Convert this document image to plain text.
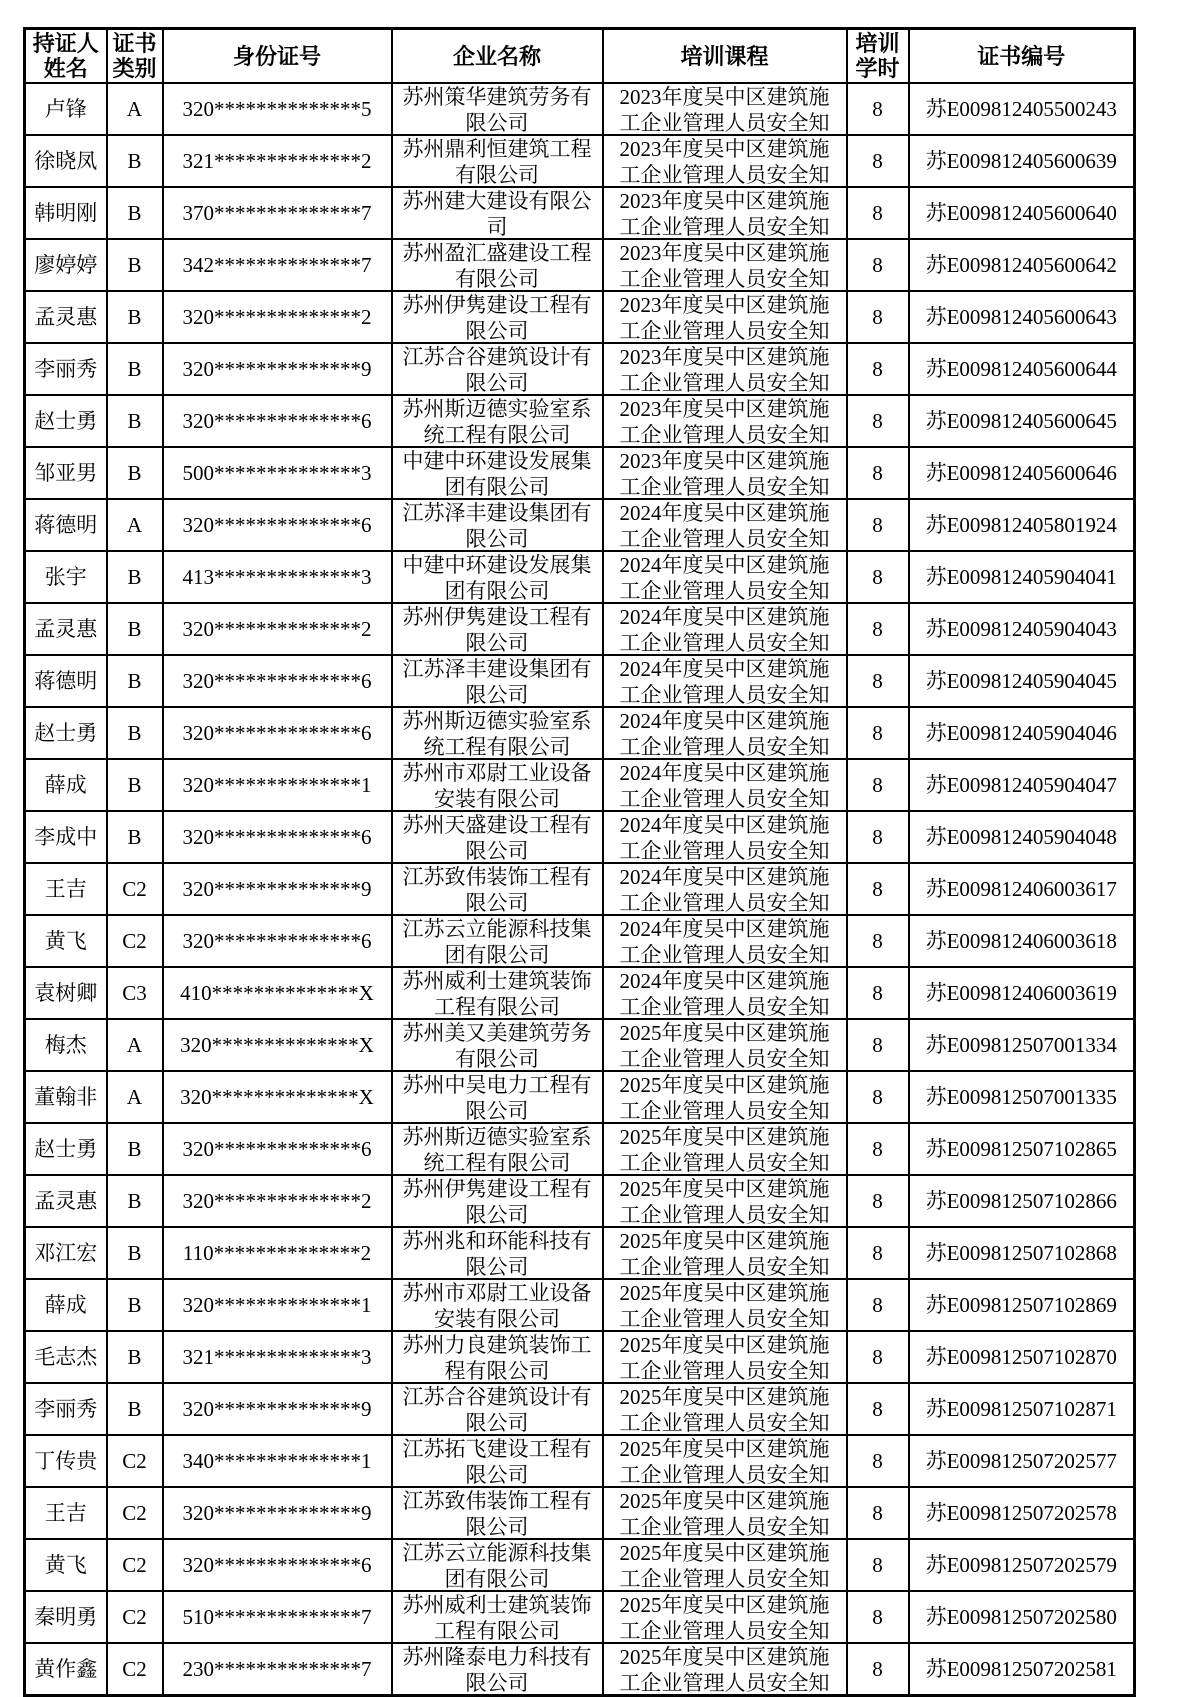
持证人姓名	证书类别	身份证号	企业名称	培训课程	培训学时	证书编号

卢锋	A	320**************5	苏州策华建筑劳务有限公司	2023年度吴中区建筑施工企业管理人员安全知	8	苏E009812405500243

徐晓凤	B	321**************2	苏州鼎利恒建筑工程有限公司	2023年度吴中区建筑施工企业管理人员安全知	8	苏E009812405600639

韩明刚	B	370**************7	苏州建大建设有限公司	2023年度吴中区建筑施工企业管理人员安全知	8	苏E009812405600640

廖婷婷	B	342**************7	苏州盈汇盛建设工程有限公司	2023年度吴中区建筑施工企业管理人员安全知	8	苏E009812405600642

孟灵惠	B	320**************2	苏州伊隽建设工程有限公司	2023年度吴中区建筑施工企业管理人员安全知	8	苏E009812405600643

李丽秀	B	320**************9	江苏合谷建筑设计有限公司	2023年度吴中区建筑施工企业管理人员安全知	8	苏E009812405600644

赵士勇	B	320**************6	苏州斯迈德实验室系统工程有限公司	2023年度吴中区建筑施工企业管理人员安全知	8	苏E009812405600645

邹亚男	B	500**************3	中建中环建设发展集团有限公司	2023年度吴中区建筑施工企业管理人员安全知	8	苏E009812405600646

蒋德明	A	320**************6	江苏泽丰建设集团有限公司	2024年度吴中区建筑施工企业管理人员安全知	8	苏E009812405801924

张宇	B	413**************3	中建中环建设发展集团有限公司	2024年度吴中区建筑施工企业管理人员安全知	8	苏E009812405904041

孟灵惠	B	320**************2	苏州伊隽建设工程有限公司	2024年度吴中区建筑施工企业管理人员安全知	8	苏E009812405904043

蒋德明	B	320**************6	江苏泽丰建设集团有限公司	2024年度吴中区建筑施工企业管理人员安全知	8	苏E009812405904045

赵士勇	B	320**************6	苏州斯迈德实验室系统工程有限公司	2024年度吴中区建筑施工企业管理人员安全知	8	苏E009812405904046

薛成	B	320**************1	苏州市邓尉工业设备安装有限公司	2024年度吴中区建筑施工企业管理人员安全知	8	苏E009812405904047

李成中	B	320**************6	苏州天盛建设工程有限公司	2024年度吴中区建筑施工企业管理人员安全知	8	苏E009812405904048

王吉	C2	320**************9	江苏致伟装饰工程有限公司	2024年度吴中区建筑施工企业管理人员安全知	8	苏E009812406003617

黄飞	C2	320**************6	江苏云立能源科技集团有限公司	2024年度吴中区建筑施工企业管理人员安全知	8	苏E009812406003618

袁树卿	C3	410**************X	苏州威利士建筑装饰工程有限公司	2024年度吴中区建筑施工企业管理人员安全知	8	苏E009812406003619

梅杰	A	320**************X	苏州美又美建筑劳务有限公司	2025年度吴中区建筑施工企业管理人员安全知	8	苏E009812507001334

董翰非	A	320**************X	苏州中吴电力工程有限公司	2025年度吴中区建筑施工企业管理人员安全知	8	苏E009812507001335

赵士勇	B	320**************6	苏州斯迈德实验室系统工程有限公司	2025年度吴中区建筑施工企业管理人员安全知	8	苏E009812507102865

孟灵惠	B	320**************2	苏州伊隽建设工程有限公司	2025年度吴中区建筑施工企业管理人员安全知	8	苏E009812507102866

邓江宏	B	110**************2	苏州兆和环能科技有限公司	2025年度吴中区建筑施工企业管理人员安全知	8	苏E009812507102868

薛成	B	320**************1	苏州市邓尉工业设备安装有限公司	2025年度吴中区建筑施工企业管理人员安全知	8	苏E009812507102869

毛志杰	B	321**************3	苏州力良建筑装饰工程有限公司	2025年度吴中区建筑施工企业管理人员安全知	8	苏E009812507102870

李丽秀	B	320**************9	江苏合谷建筑设计有限公司	2025年度吴中区建筑施工企业管理人员安全知	8	苏E009812507102871

丁传贵	C2	340**************1	江苏拓飞建设工程有限公司	2025年度吴中区建筑施工企业管理人员安全知	8	苏E009812507202577

王吉	C2	320**************9	江苏致伟装饰工程有限公司	2025年度吴中区建筑施工企业管理人员安全知	8	苏E009812507202578

黄飞	C2	320**************6	江苏云立能源科技集团有限公司	2025年度吴中区建筑施工企业管理人员安全知	8	苏E009812507202579

秦明勇	C2	510**************7	苏州威利士建筑装饰工程有限公司	2025年度吴中区建筑施工企业管理人员安全知	8	苏E009812507202580

黄作鑫	C2	230**************7	苏州隆泰电力科技有限公司	2025年度吴中区建筑施工企业管理人员安全知	8	苏E009812507202581
